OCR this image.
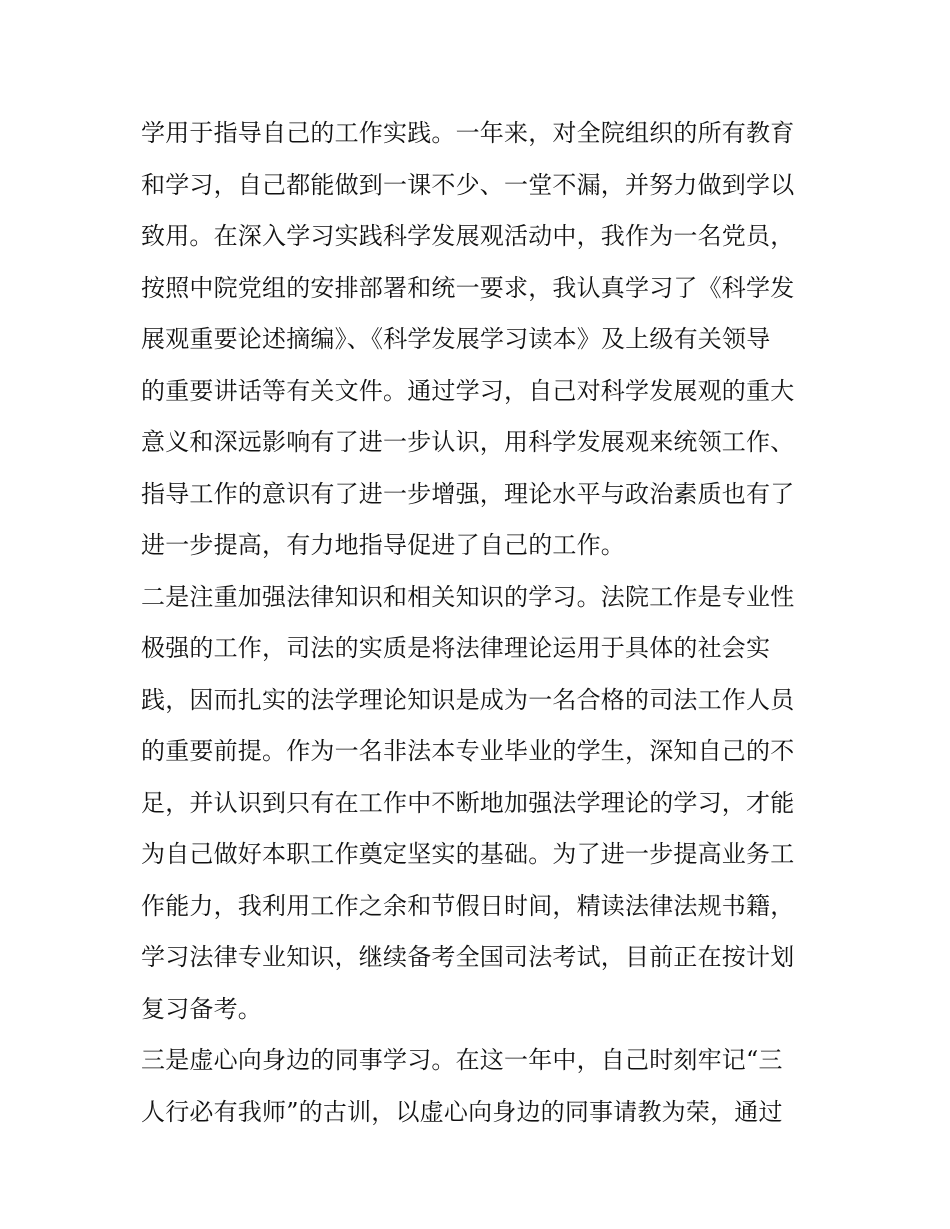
学用于指导自己的工作实践。一年来，对全院组织的所有教育
和学习，自己都能做到一课不少、一堂不漏，并努力做到学以
致用。在深入学习实践科学发展观活动中，我作为一名党员，
按照中院党组的安排部署和统一要求，我认真学习了《科学发
展观重要论述摘编》、《科学发展学习读本》及上级有关领导
的重要讲话等有关文件。通过学习，自己对科学发展观的重大
意义和深远影响有了进一步认识，用科学发展观来统领工作、
指导工作的意识有了进一步增强，理论水平与政治素质也有了
进一步提高，有力地指导促进了自己的工作。
二是注重加强法律知识和相关知识的学习。法院工作是专业性
极强的工作，司法的实质是将法律理论运用于具体的社会实
践，因而扎实的法学理论知识是成为一名合格的司法工作人员
的重要前提。作为一名非法本专业毕业的学生，深知自己的不
足，并认识到只有在工作中不断地加强法学理论的学习，才能
为自己做好本职工作奠定坚实的基础。为了进一步提高业务工
作能力，我利用工作之余和节假日时间，精读法律法规书籍，
学习法律专业知识，继续备考全国司法考试，目前正在按计划
复习备考。
三是虚心向身边的同事学习。在这一年中，自己时刻牢记“三
人行必有我师”的古训，以虚心向身边的同事请教为荣，通过
